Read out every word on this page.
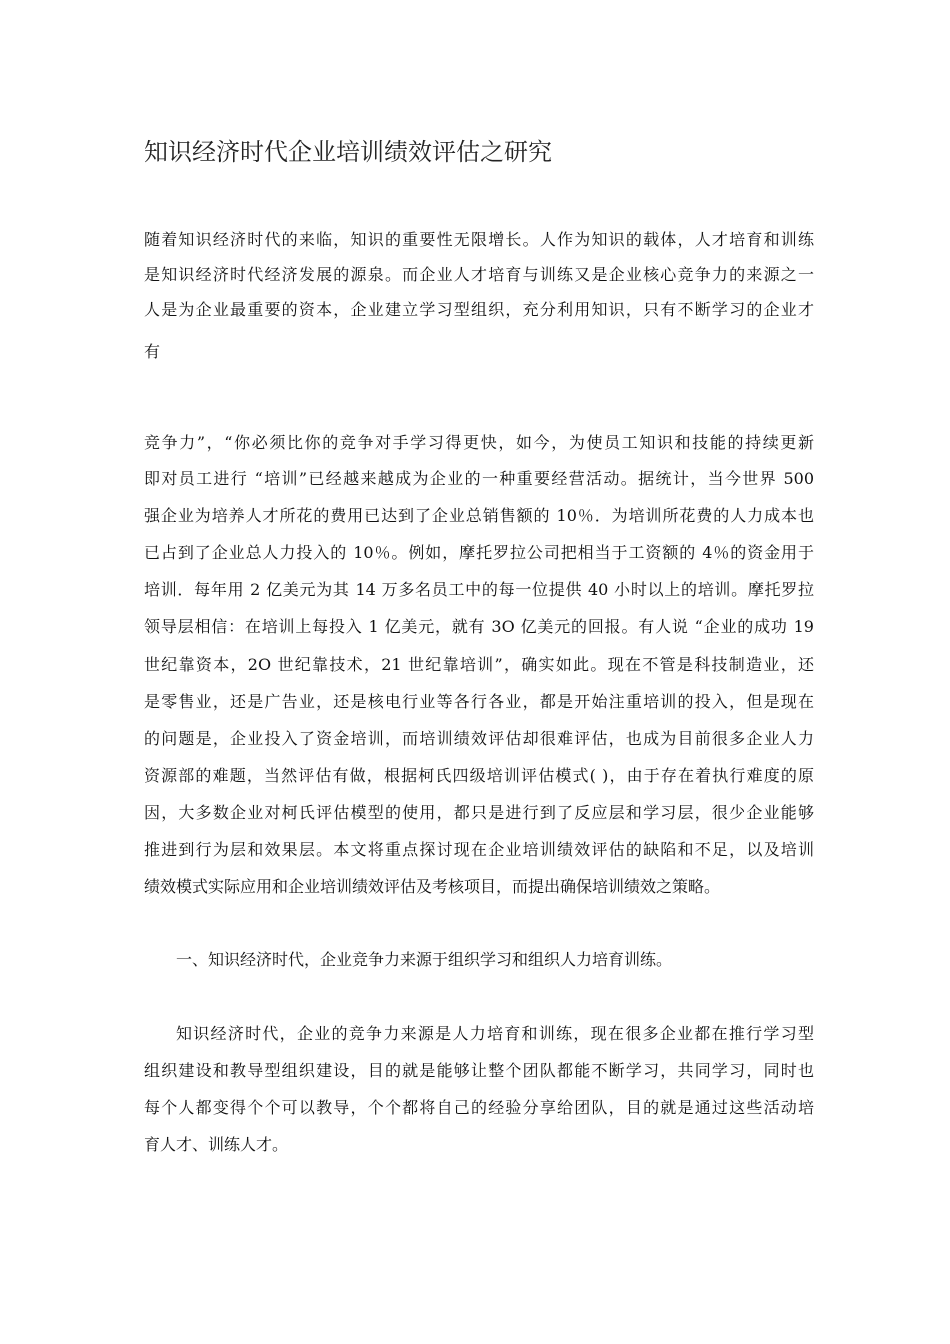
知识经济时代企业培训绩效评估之研究
随着知识经济时代的来临，知识的重要性无限增长。人作为知识的载体，人才培育和训练
是知识经济时代经济发展的源泉。而企业人才培育与训练又是企业核心竞争力的来源之一
人是为企业最重要的资本，企业建立学习型组织，充分利用知识，只有不断学习的企业才
有
竞争力”，“你必须比你的竞争对手学习得更快，如今，为使员工知识和技能的持续更新
即对员工进行 “培训”已经越来越成为企业的一种重要经营活动。据统计，当今世界 500
强企业为培养人才所花的费用已达到了企业总销售额的 10％．为培训所花费的人力成本也
已占到了企业总人力投入的 10％。例如，摩托罗拉公司把相当于工资额的 4％的资金用于
培训．每年用 2 亿美元为其 14 万多名员工中的每一位提供 40 小时以上的培训。摩托罗拉
领导层相信：在培训上每投入 1 亿美元，就有 3O 亿美元的回报。有人说 “企业的成功 19
世纪靠资本，2O 世纪靠技术，21 世纪靠培训”，确实如此。现在不管是科技制造业，还
是零售业，还是广告业，还是核电行业等各行各业，都是开始注重培训的投入，但是现在
的问题是，企业投入了资金培训，而培训绩效评估却很难评估，也成为目前很多企业人力
资源部的难题，当然评估有做，根据柯氏四级培训评估模式( )，由于存在着执行难度的原
因，大多数企业对柯氏评估模型的使用，都只是进行到了反应层和学习层，很少企业能够
推进到行为层和效果层。本文将重点探讨现在企业培训绩效评估的缺陷和不足，以及培训
绩效模式实际应用和企业培训绩效评估及考核项目，而提出确保培训绩效之策略。
一、知识经济时代，企业竞争力来源于组织学习和组织人力培育训练。
知识经济时代，企业的竞争力来源是人力培育和训练，现在很多企业都在推行学习型
组织建设和教导型组织建设，目的就是能够让整个团队都能不断学习，共同学习，同时也
每个人都变得个个可以教导，个个都将自己的经验分享给团队，目的就是通过这些活动培
育人才、训练人才。
